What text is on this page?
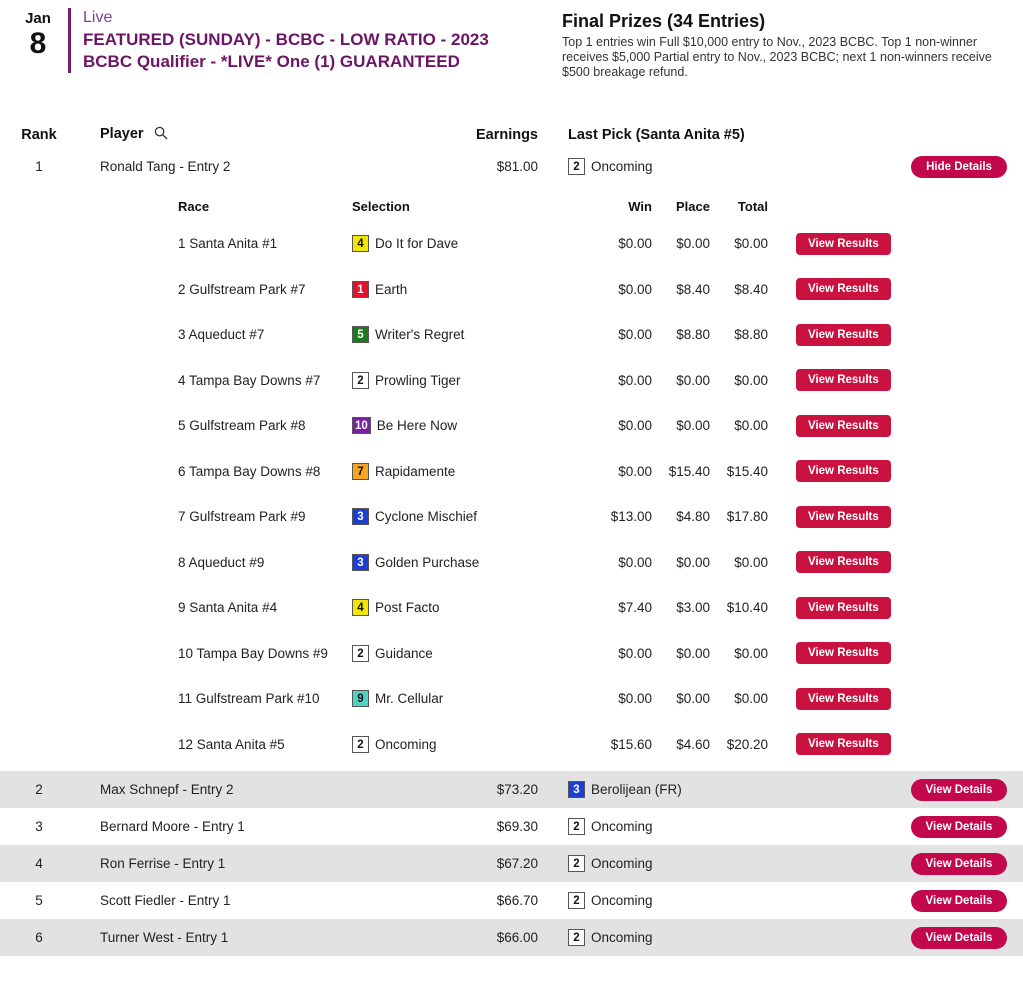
Jan
8
Live
FEATURED (SUNDAY) - BCBC - LOW RATIO - 2023 BCBC Qualifier - *LIVE* One (1) GUARANTEED
Final Prizes (34 Entries)
Top 1 entries win Full $10,000 entry to Nov., 2023 BCBC. Top 1 non-winner receives $5,000 Partial entry to Nov., 2023 BCBC; next 1 non-winners receive $500 breakage refund.
Rank	Player	Earnings	Last Pick (Santa Anita #5)
1	Ronald Tang - Entry 2	$81.00	2 Oncoming	Hide Details
Race	Selection	Win	Place	Total
1 Santa Anita #1	4 Do It for Dave	$0.00	$0.00	$0.00	View Results
2 Gulfstream Park #7	1 Earth	$0.00	$8.40	$8.40	View Results
3 Aqueduct #7	5 Writer's Regret	$0.00	$8.80	$8.80	View Results
4 Tampa Bay Downs #7	2 Prowling Tiger	$0.00	$0.00	$0.00	View Results
5 Gulfstream Park #8	10 Be Here Now	$0.00	$0.00	$0.00	View Results
6 Tampa Bay Downs #8	7 Rapidamente	$0.00	$15.40	$15.40	View Results
7 Gulfstream Park #9	3 Cyclone Mischief	$13.00	$4.80	$17.80	View Results
8 Aqueduct #9	3 Golden Purchase	$0.00	$0.00	$0.00	View Results
9 Santa Anita #4	4 Post Facto	$7.40	$3.00	$10.40	View Results
10 Tampa Bay Downs #9	2 Guidance	$0.00	$0.00	$0.00	View Results
11 Gulfstream Park #10	9 Mr. Cellular	$0.00	$0.00	$0.00	View Results
12 Santa Anita #5	2 Oncoming	$15.60	$4.60	$20.20	View Results
2	Max Schnepf - Entry 2	$73.20	3 Berolijean (FR)	View Details
3	Bernard Moore - Entry 1	$69.30	2 Oncoming	View Details
4	Ron Ferrise - Entry 1	$67.20	2 Oncoming	View Details
5	Scott Fiedler - Entry 1	$66.70	2 Oncoming	View Details
6	Turner West - Entry 1	$66.00	2 Oncoming	View Details
